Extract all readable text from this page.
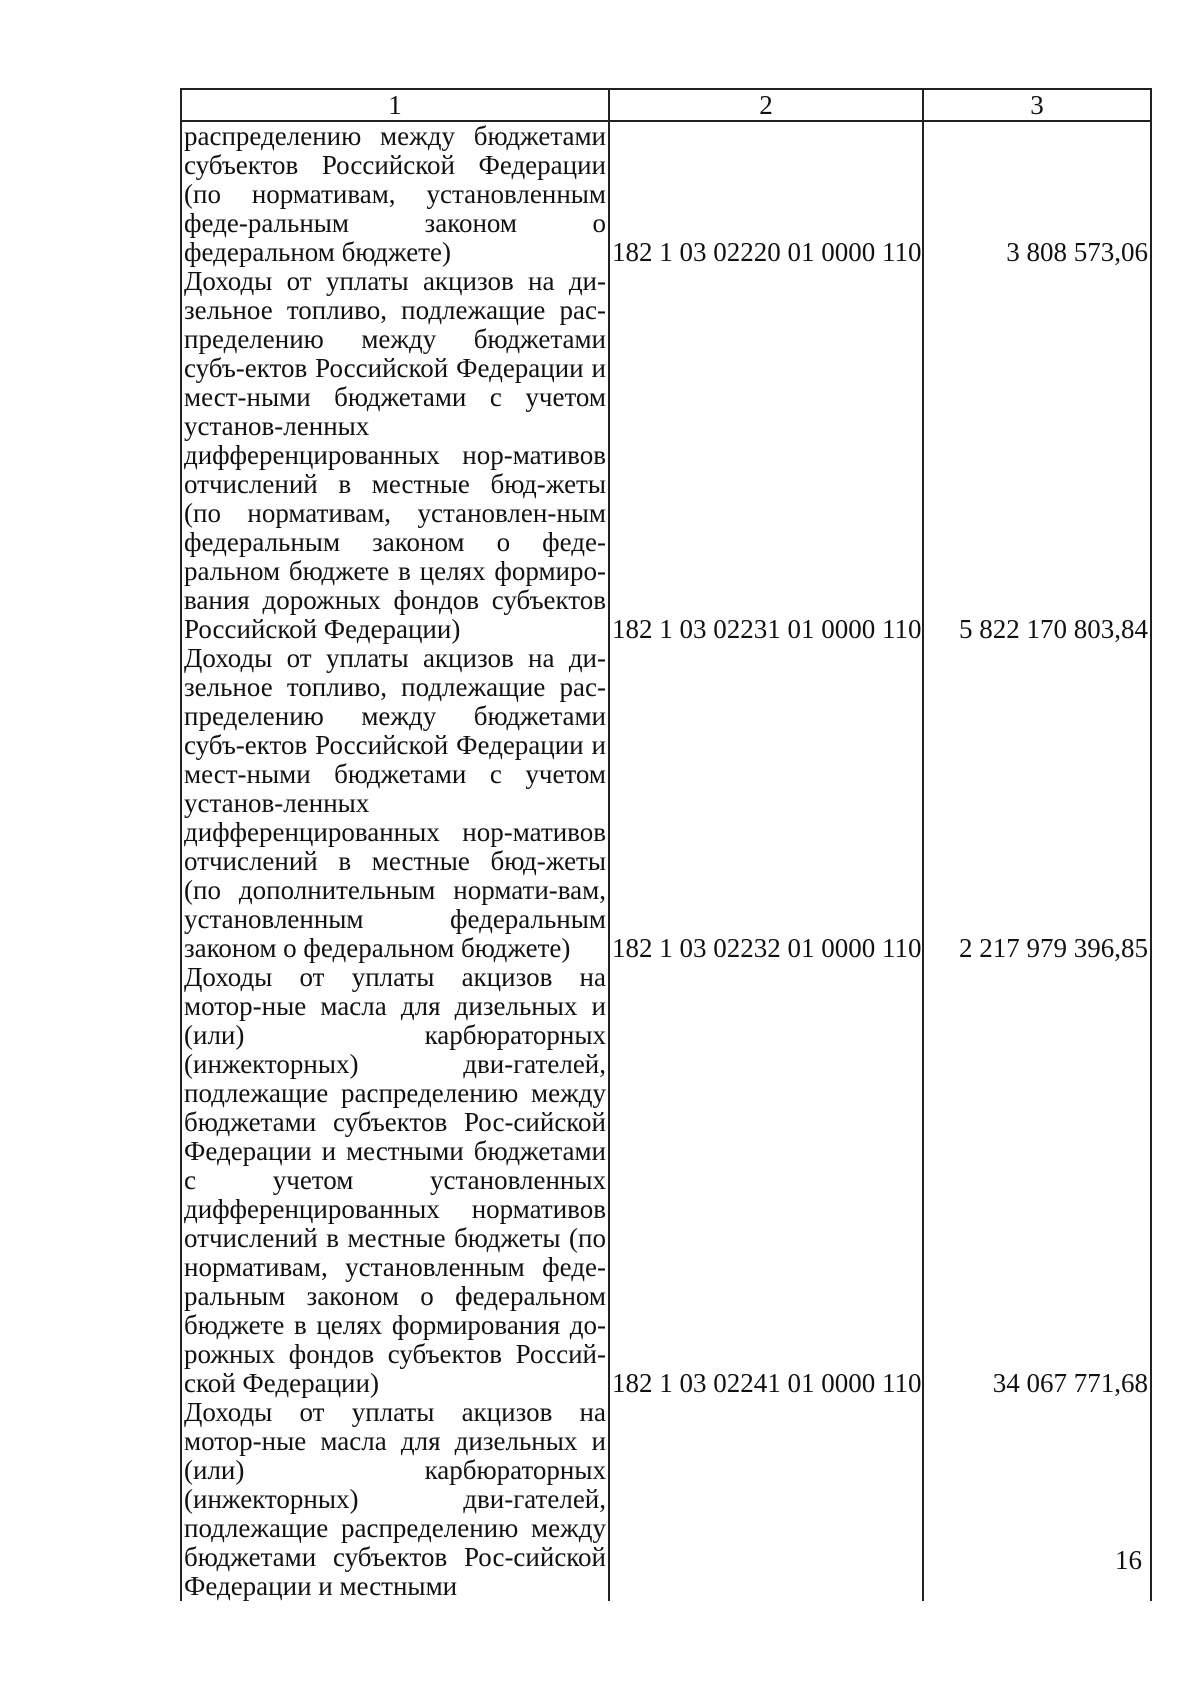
1	2	3
распределению между бюджетами субъектов Российской Федерации (по нормативам, установленным феде-ральным законом о федеральном бюджете)	182 1 03 02220 01 0000 110	3 808 573,06
Доходы от уплаты акцизов на ди-зельное топливо, подлежащие рас-пределению между бюджетами субъ-ектов Российской Федерации и мест-ными бюджетами с учетом установ-ленных дифференцированных нор-мативов отчислений в местные бюд-жеты (по нормативам, установлен-ным федеральным законом о феде-ральном бюджете в целях формиро-вания дорожных фондов субъектов Российской Федерации)	182 1 03 02231 01 0000 110	5 822 170 803,84
Доходы от уплаты акцизов на ди-зельное топливо, подлежащие рас-пределению между бюджетами субъ-ектов Российской Федерации и мест-ными бюджетами с учетом установ-ленных дифференцированных нор-мативов отчислений в местные бюд-жеты (по дополнительным нормати-вам, установленным федеральным законом о федеральном бюджете)	182 1 03 02232 01 0000 110	2 217 979 396,85
Доходы от уплаты акцизов на мотор-ные масла для дизельных и (или) карбюраторных (инжекторных) дви-гателей, подлежащие распределению между бюджетами субъектов Рос-сийской Федерации и местными бюджетами с учетом установленных дифференцированных нормативов отчислений в местные бюджеты (по нормативам, установленным феде-ральным законом о федеральном бюджете в целях формирования до-рожных фондов субъектов Россий-ской Федерации)	182 1 03 02241 01 0000 110	34 067 771,68
Доходы от уплаты акцизов на мотор-ные масла для дизельных и (или) карбюраторных (инжекторных) дви-гателей, подлежащие распределению между бюджетами субъектов Рос-сийской Федерации и местными		
16
